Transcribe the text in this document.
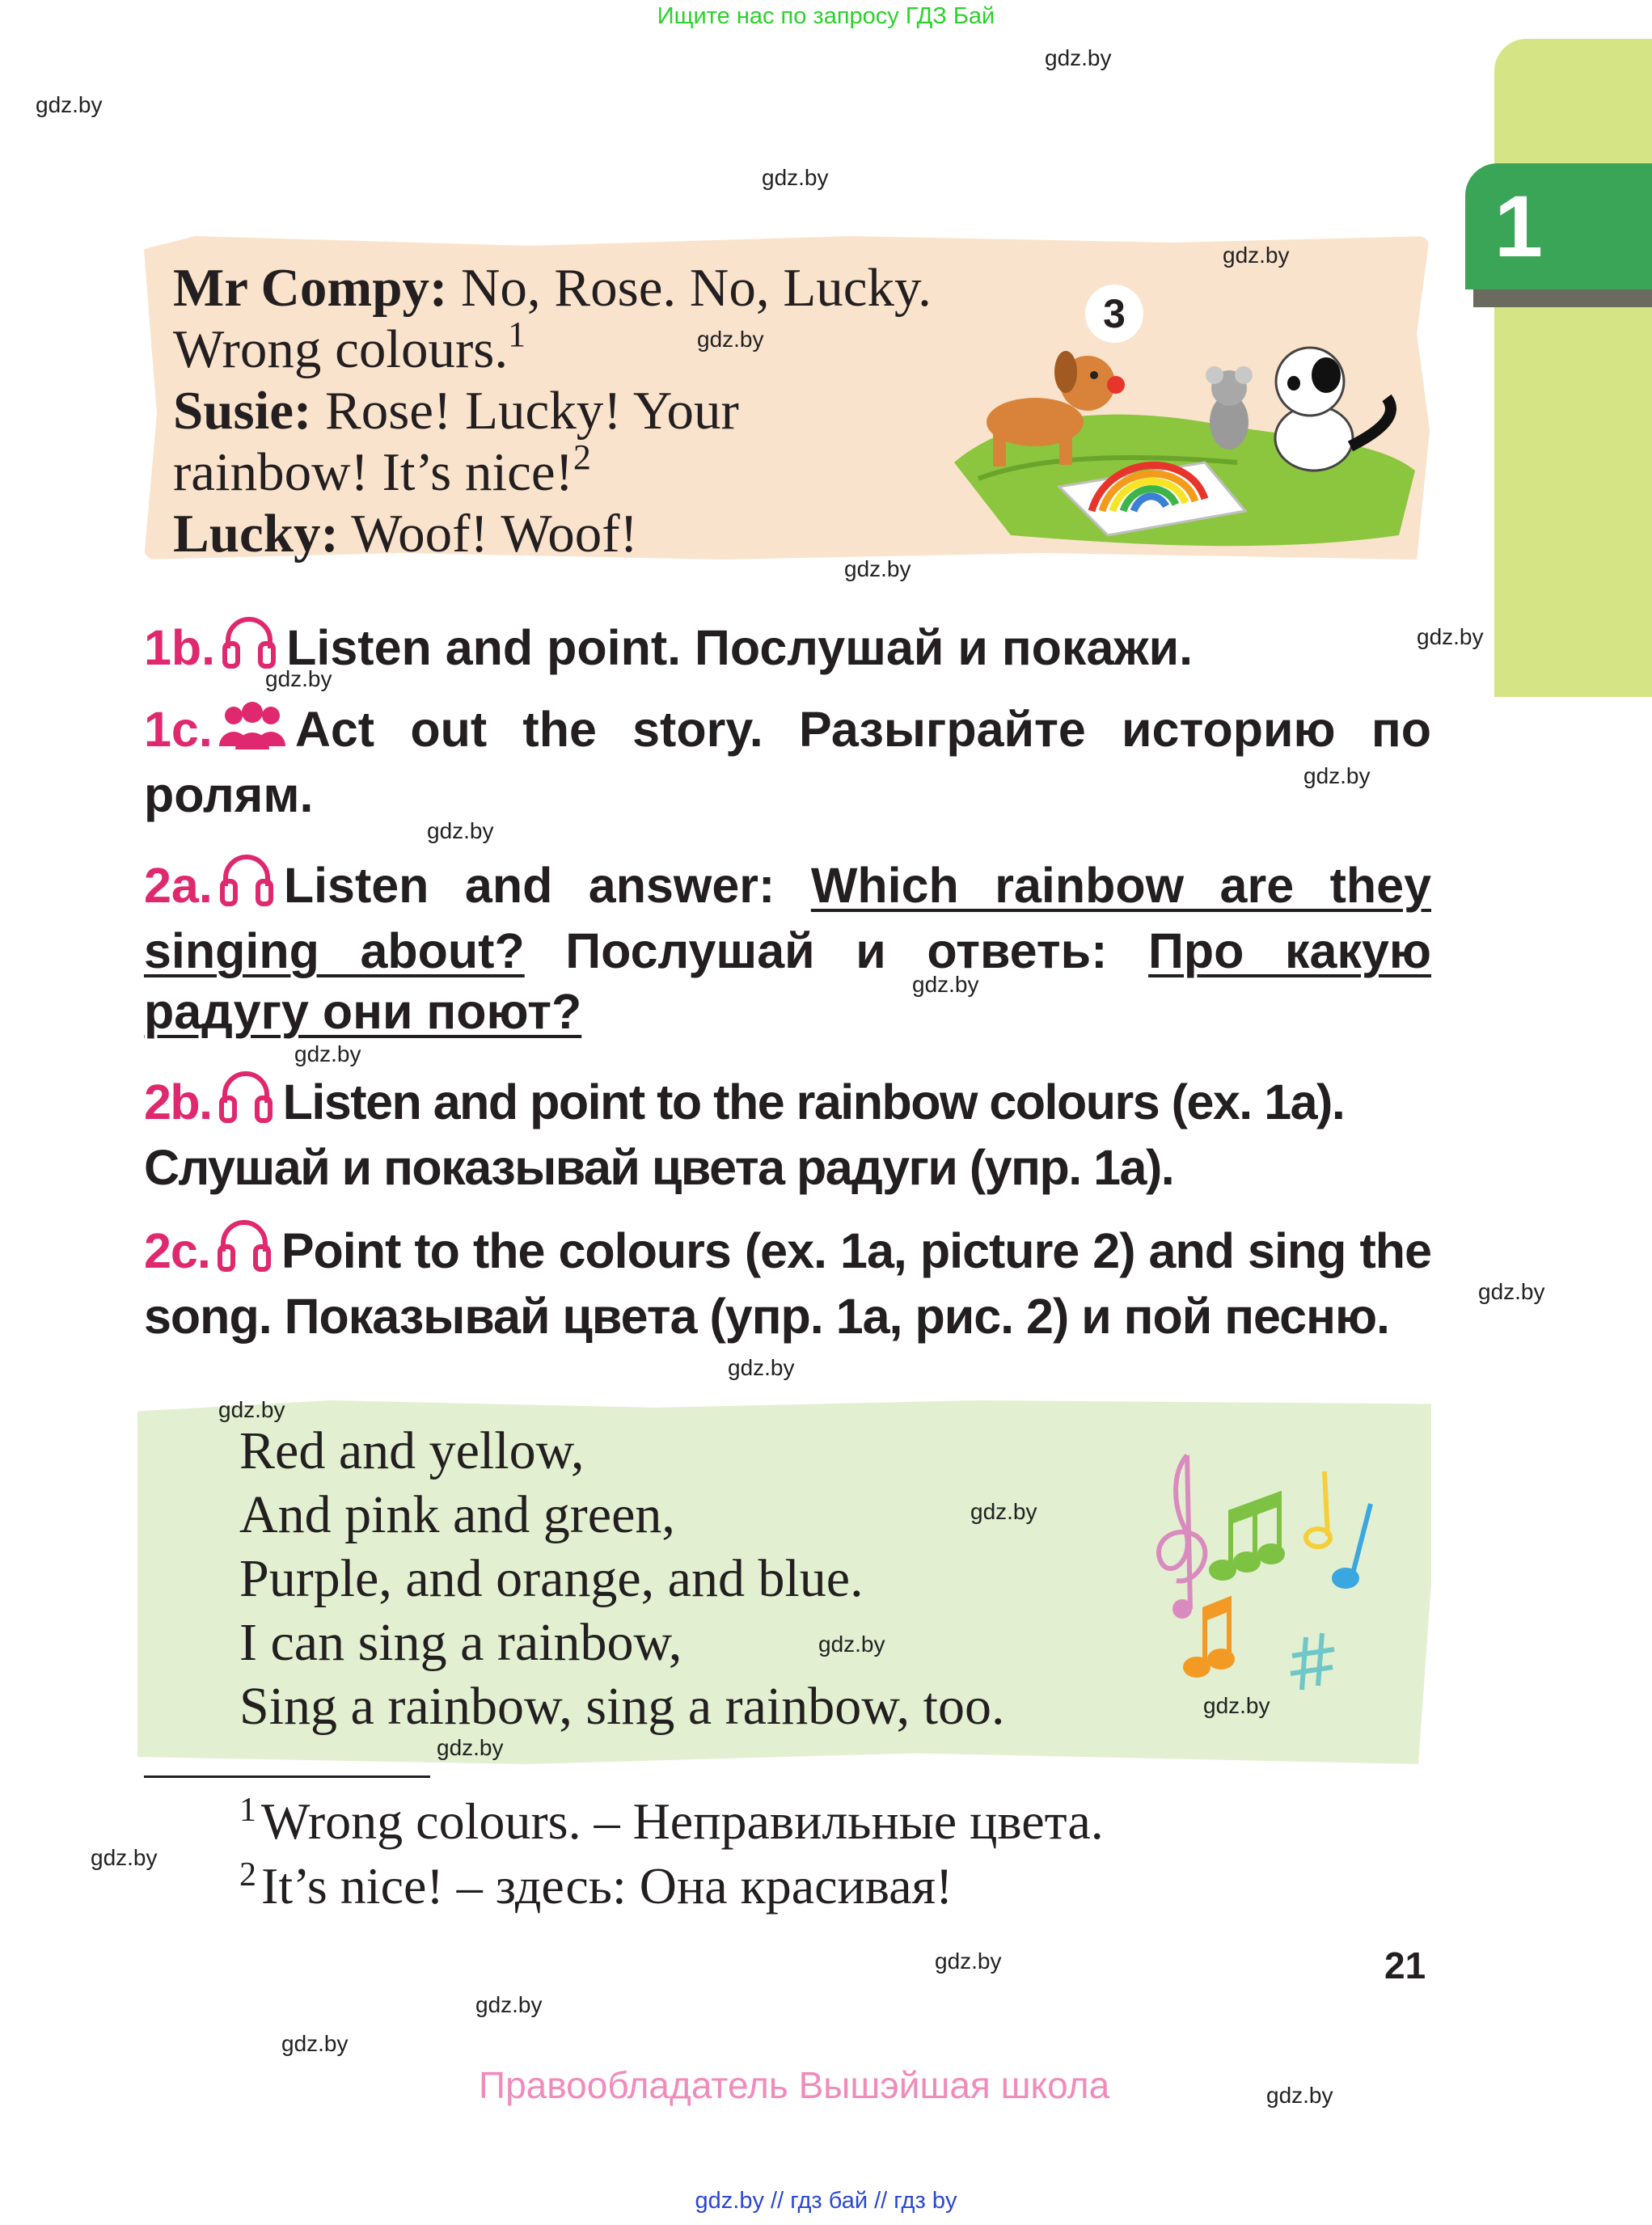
Ищите нас по запросу ГДЗ Бай
1
Mr Compy: No, Rose. No, Lucky.
Wrong colours.$^1$
Susie: Rose! Lucky! Your
rainbow! It’s nice!$^2$
Lucky: Woof! Woof!
3
1b. Listen and point. Послушай и покажи.
1c. Act out the story. Разыграйте историю по ролям.
2a. Listen and answer: Which rainbow are they singing about? Послушай и ответь: Про какую радугу они поют?
2b. Listen and point to the rainbow colours (ex. 1a). Слушай и показывай цвета радуги (упр. 1a).
2c. Point to the colours (ex. 1a, picture 2) and sing the song. Показывай цвета (упр. 1a, рис. 2) и пой песню.
Red and yellow,
And pink and green,
Purple, and orange, and blue.
I can sing a rainbow,
Sing a rainbow, sing a rainbow, too.
$^1$Wrong colours. – Неправильные цвета.
$^2$It’s nice! – здесь: Она красивая!
21
Правообладатель Вышэйшая школа
gdz.by // гдз бай // гдз by
gdz.by
gdz.by
gdz.by
gdz.by
gdz.by
gdz.by
gdz.by
gdz.by
gdz.by
gdz.by
gdz.by
gdz.by
gdz.by
gdz.by
gdz.by
gdz.by
gdz.by
gdz.by
gdz.by
gdz.by
gdz.by
gdz.by
gdz.by
gdz.by
